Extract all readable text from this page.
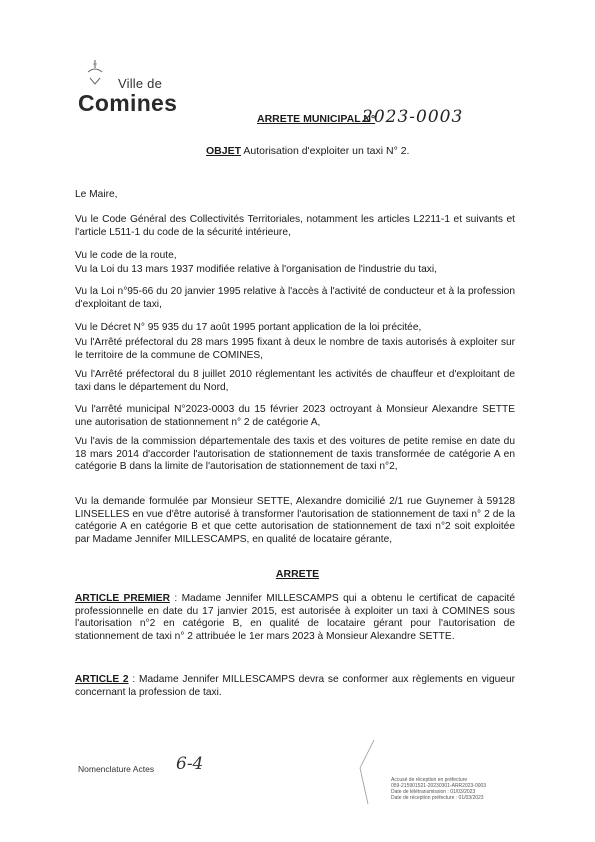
Ville de
Comines
ARRETE MUNICIPAL N°
2023-0003
OBJET Autorisation d'exploiter un taxi N° 2.
Le Maire,
Vu le Code Général des Collectivités Territoriales, notamment les articles L2211-1 et suivants et l'article L511-1 du code de la sécurité intérieure,
Vu le code de la route,
Vu la Loi du 13 mars 1937 modifiée relative à l'organisation de l'industrie du taxi,
Vu la Loi n°95-66 du 20 janvier 1995 relative à l'accès à l'activité de conducteur et à la profession d'exploitant de taxi,
Vu le Décret N° 95 935 du 17 août 1995 portant application de la loi précitée,
Vu l'Arrêté préfectoral du 28 mars 1995 fixant à deux le nombre de taxis autorisés à exploiter sur le territoire de la commune de COMINES,
Vu l'Arrêté préfectoral du 8 juillet 2010 réglementant les activités de chauffeur et d'exploitant de taxi dans le département du Nord,
Vu l'arrêté municipal N°2023-0003 du 15 février 2023 octroyant à Monsieur Alexandre SETTE une autorisation de stationnement n° 2 de catégorie A,
Vu l'avis de la commission départementale des taxis et des voitures de petite remise en date du 18 mars 2014 d'accorder l'autorisation de stationnement de taxis transformée de catégorie A en catégorie B dans la limite de l'autorisation de stationnement de taxi n°2,
Vu la demande formulée par Monsieur SETTE, Alexandre domicilié 2/1 rue Guynemer à 59128 LINSELLES en vue d'être autorisé à transformer l'autorisation de stationnement de taxi n° 2 de la catégorie A en catégorie B et que cette autorisation de stationnement de taxi n°2 soit exploitée par Madame Jennifer MILLESCAMPS, en qualité de locataire gérante,
ARRETE
ARTICLE PREMIER : Madame Jennifer MILLESCAMPS qui a obtenu le certificat de capacité professionnelle en date du 17 janvier 2015, est autorisée à exploiter un taxi à COMINES sous l'autorisation n°2 en catégorie B, en qualité de locataire gérant pour l'autorisation de stationnement de taxi n° 2 attribuée le 1er mars 2023 à Monsieur Alexandre SETTE.
ARTICLE 2 : Madame Jennifer MILLESCAMPS devra se conformer aux règlements en vigueur concernant la profession de taxi.
Nomenclature Actes 6-4
Accusé de réception en préfecture
059-215901521-20230301-ARR2023-0003
Date de télétransmission : 01/03/2023
Date de réception préfecture : 01/03/2023
